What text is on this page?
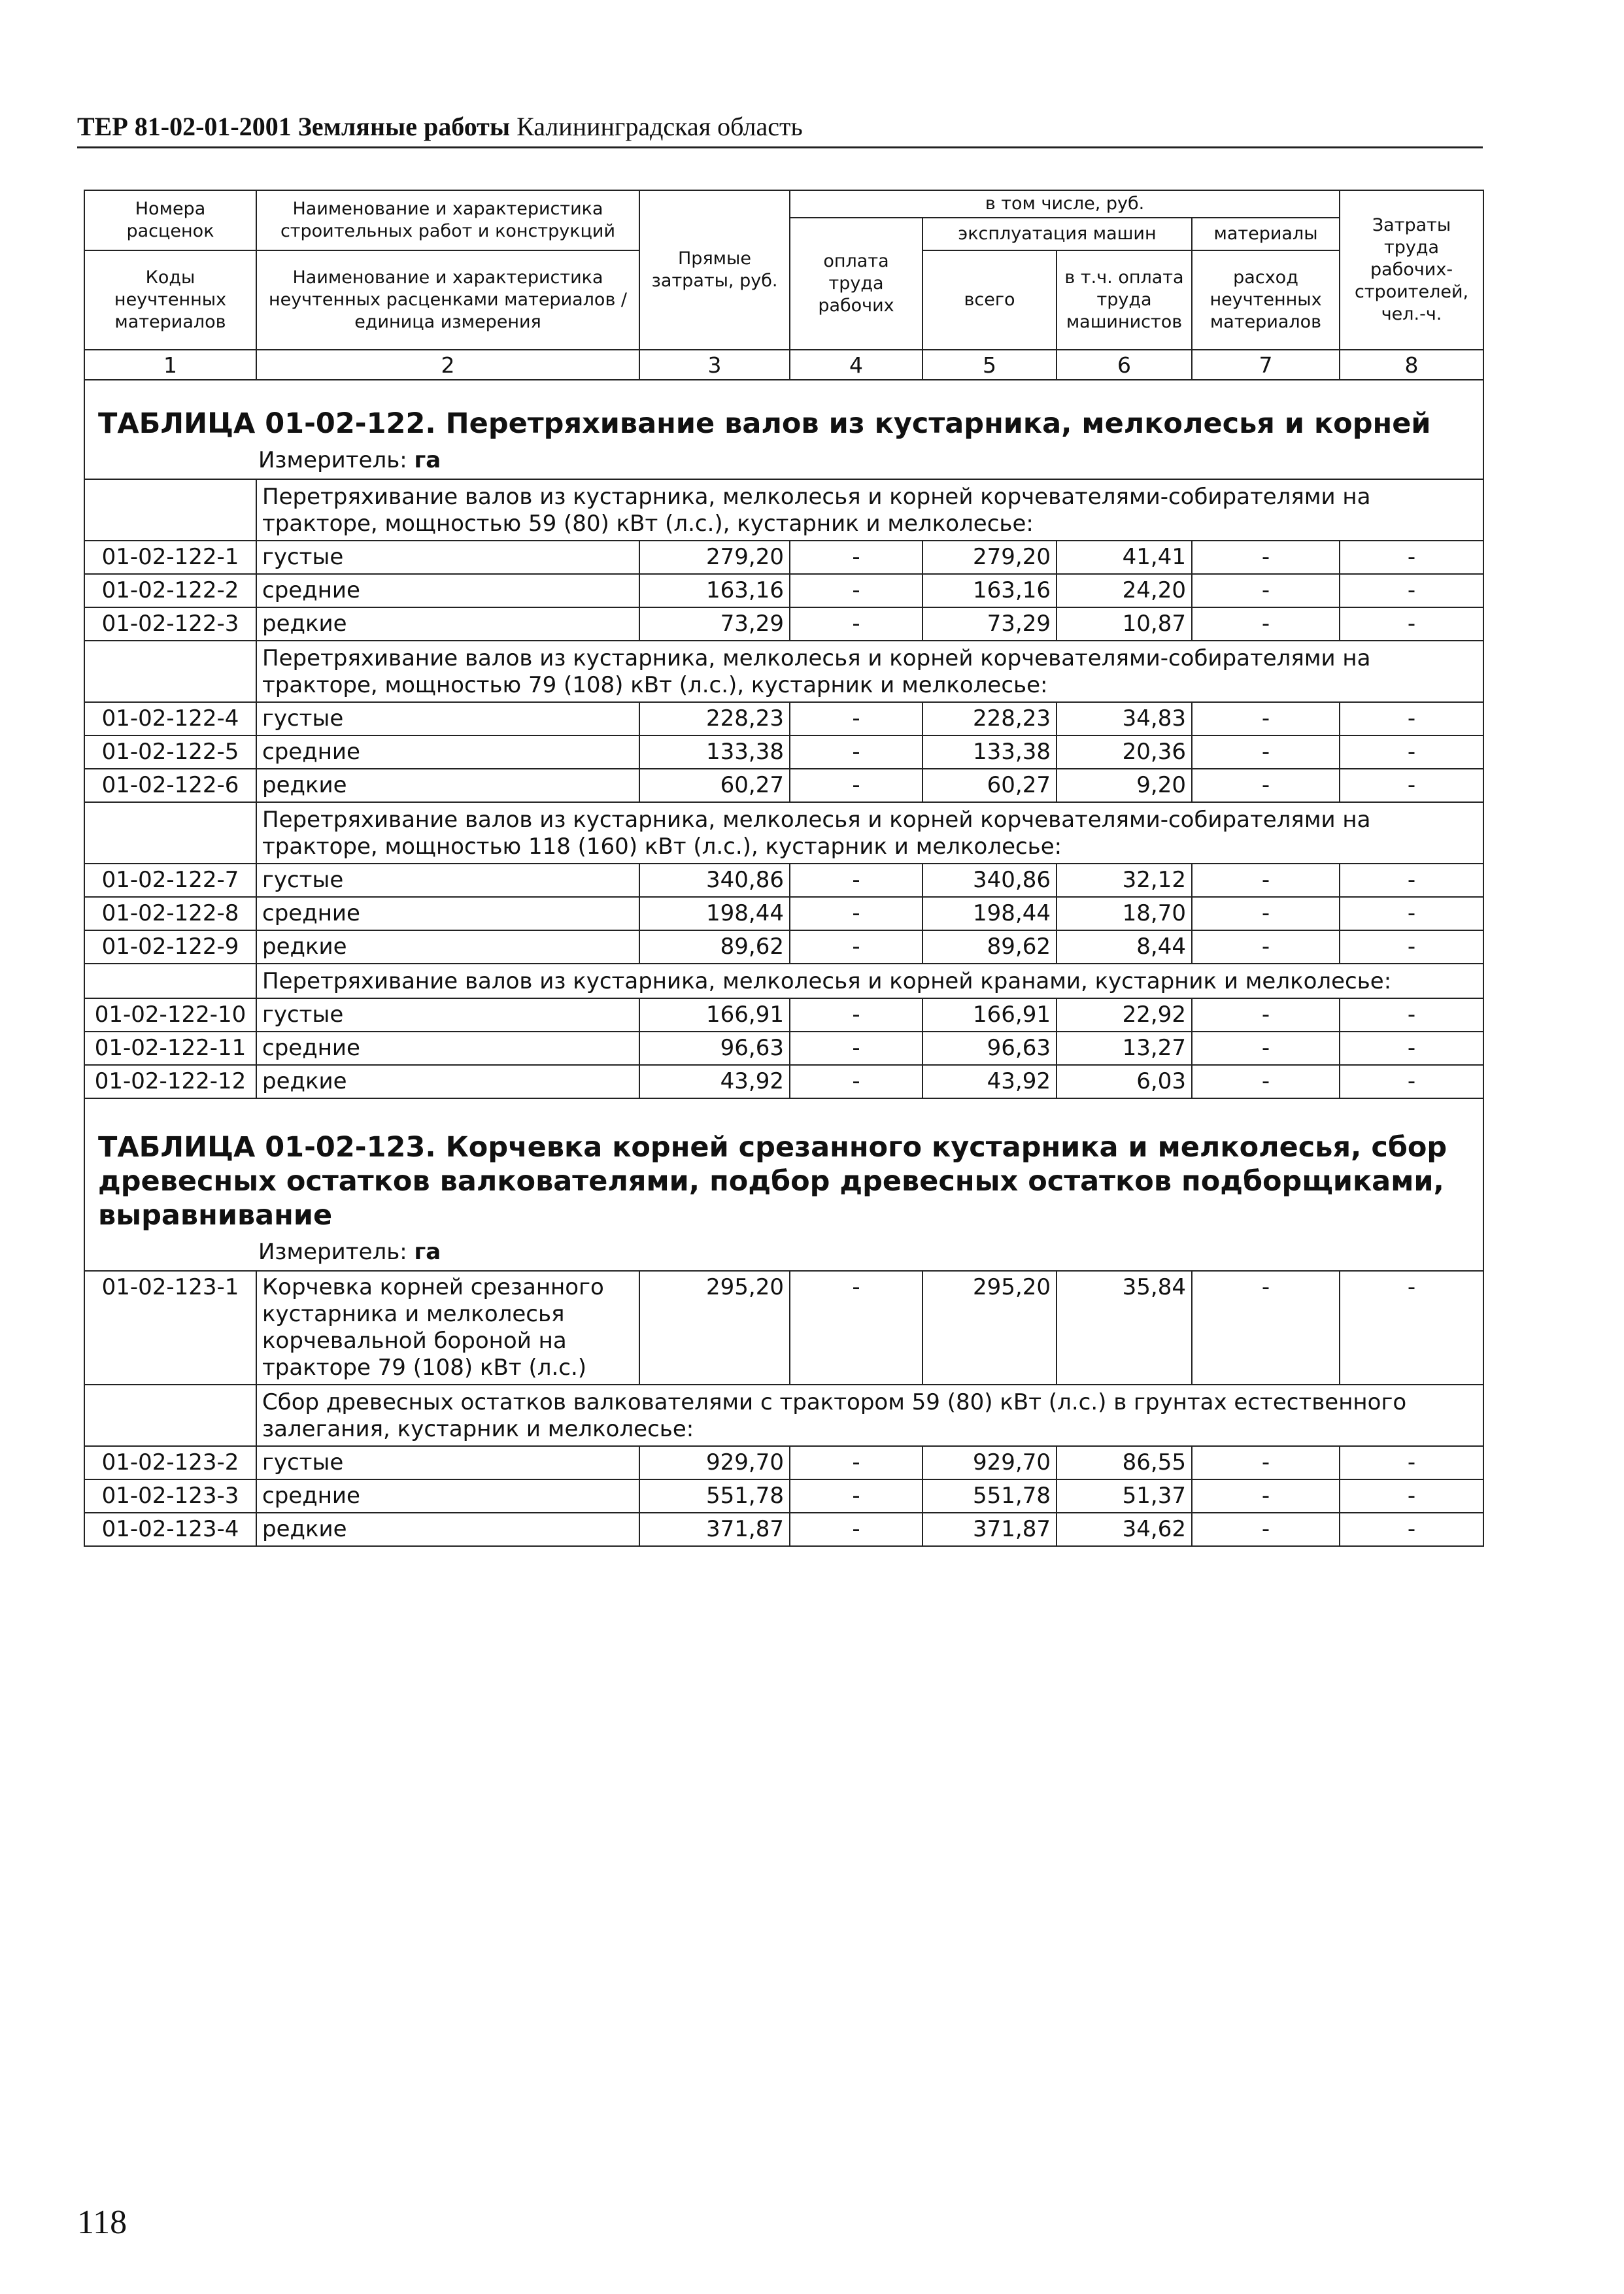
ТЕР 81-02-01-2001 Земляные работы Калининградская область
Номера расценок	Наименование и характеристика строительных работ и конструкций	Прямые затраты, руб.	в том числе, руб.				Затраты труда рабочих-строителей, чел.-ч.
			оплата труда рабочих	эксплуатация машин		материалы	
Коды неучтенных материалов	Наименование и характеристика неучтенных расценками материалов / единица измерения			всего	в т.ч. оплата труда машинистов	расход неучтенных материалов	

1	2	3	4	5	6	7	8
ТАБЛИЦА 01-02-122. Перетряхивание валов из кустарника, мелколесья и корней							
Измеритель: га							
	Перетряхивание валов из кустарника, мелколесья и корней корчевателями-собирателями на тракторе, мощностью 59 (80) кВт (л.с.), кустарник и мелколесье:						
01-02-122-1	густые	279,20	-	279,20	41,41	-	-
01-02-122-2	средние	163,16	-	163,16	24,20	-	-
01-02-122-3	редкие	73,29	-	73,29	10,87	-	-
	Перетряхивание валов из кустарника, мелколесья и корней корчевателями-собирателями на тракторе, мощностью 79 (108) кВт (л.с.), кустарник и мелколесье:						
01-02-122-4	густые	228,23	-	228,23	34,83	-	-
01-02-122-5	средние	133,38	-	133,38	20,36	-	-
01-02-122-6	редкие	60,27	-	60,27	9,20	-	-
	Перетряхивание валов из кустарника, мелколесья и корней корчевателями-собирателями на тракторе, мощностью 118 (160) кВт (л.с.), кустарник и мелколесье:						
01-02-122-7	густые	340,86	-	340,86	32,12	-	-
01-02-122-8	средние	198,44	-	198,44	18,70	-	-
01-02-122-9	редкие	89,62	-	89,62	8,44	-	-
	Перетряхивание валов из кустарника, мелколесья и корней кранами, кустарник и мелколесье:						
01-02-122-10	густые	166,91	-	166,91	22,92	-	-
01-02-122-11	средние	96,63	-	96,63	13,27	-	-
01-02-122-12	редкие	43,92	-	43,92	6,03	-	-
ТАБЛИЦА 01-02-123. Корчевка корней срезанного кустарника и мелколесья, сбор древесных остатков валкователями, подбор древесных остатков подборщиками, выравнивание							
Измеритель: га							
01-02-123-1	Корчевка корней срезанного кустарника и мелколесья корчевальной бороной на тракторе 79 (108) кВт (л.с.)	295,20	-	295,20	35,84	-	-
	Сбор древесных остатков валкователями с трактором 59 (80) кВт (л.с.) в грунтах естественного залегания, кустарник и мелколесье:						
01-02-123-2	густые	929,70	-	929,70	86,55	-	-
01-02-123-3	средние	551,78	-	551,78	51,37	-	-
01-02-123-4	редкие	371,87	-	371,87	34,62	-	-
118
